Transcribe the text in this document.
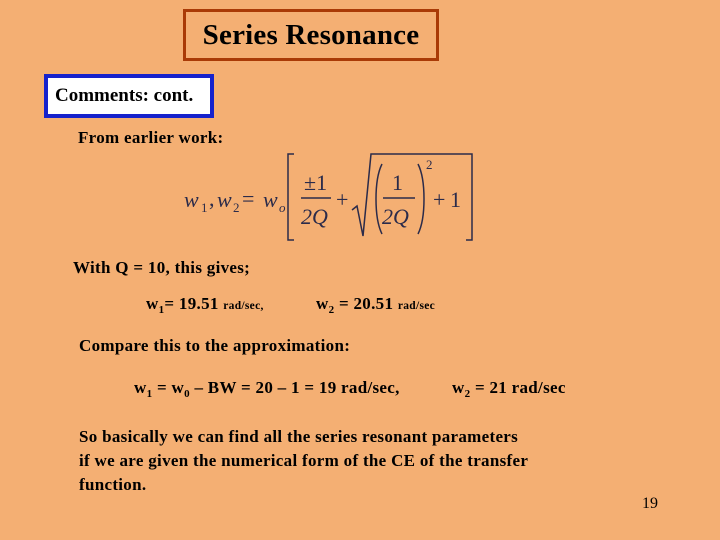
Series Resonance
Comments: cont.
From earlier work:
w 1 , w 2 = w o
±1
2Q
+
1
2Q
2
+ 1
With Q = 10, this gives;
$w_1= 19.51$ rad/sec,	$w_2 = 20.51$ rad/sec
Compare this to the approximation:
$w_1 = w_0$ – BW = 20 – 1 = 19 rad/sec,	$w_2 = 21$ rad/sec
So basically we can find all the series resonant parameters
if we are given the numerical form of the CE of the transfer
function.
19
